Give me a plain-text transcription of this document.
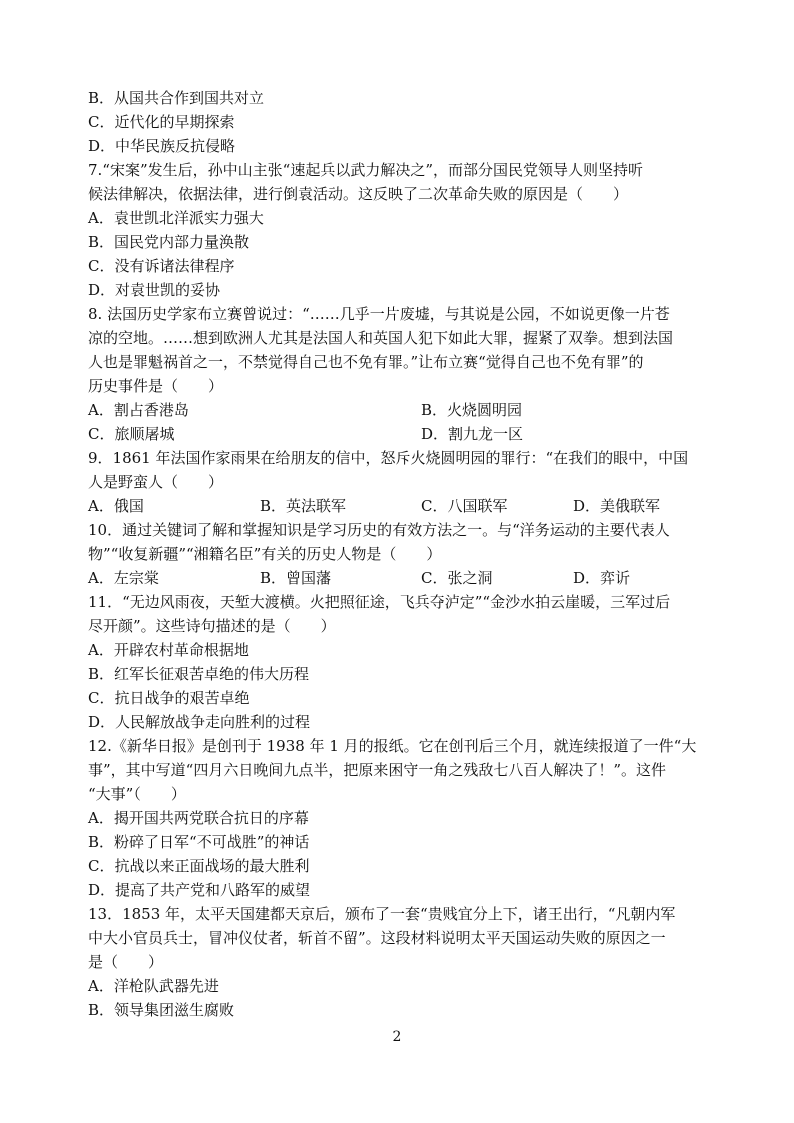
B．从国共合作到国共对立
C．近代化的早期探索
D．中华民族反抗侵略
7.“宋案”发生后，孙中山主张“速起兵以武力解决之”，而部分国民党领导人则坚持听
候法律解决，依据法律，进行倒袁活动。这反映了二次革命失败的原因是（　　）
A．袁世凯北洋派实力强大
B．国民党内部力量涣散
C．没有诉诸法律程序
D．对袁世凯的妥协
8. 法国历史学家布立赛曾说过：“……几乎一片废墟，与其说是公园，不如说更像一片苍
凉的空地。……想到欧洲人尤其是法国人和英国人犯下如此大罪，握紧了双拳。想到法国
人也是罪魁祸首之一，不禁觉得自己也不免有罪。”让布立赛“觉得自己也不免有罪”的
历史事件是（　　）
A．割占香港岛	B．火烧圆明园
C．旅顺屠城	D．割九龙一区
9．1861 年法国作家雨果在给朋友的信中，怒斥火烧圆明园的罪行：“在我们的眼中，中国
人是野蛮人（　　）
A．俄国	B．英法联军	C．八国联军	D．美俄联军
10．通过关键词了解和掌握知识是学习历史的有效方法之一。与“洋务运动的主要代表人
物”“收复新疆”“湘籍名臣”有关的历史人物是（　　）
A．左宗棠	B．曾国藩	C．张之洞	D．弈䜣
11．“无边风雨夜，天堑大渡横。火把照征途，飞兵夺泸定”“金沙水拍云崖暖，三军过后
尽开颜”。这些诗句描述的是（　　）
A．开辟农村革命根据地
B．红军长征艰苦卓绝的伟大历程
C．抗日战争的艰苦卓绝
D．人民解放战争走向胜利的过程
12.《新华日报》是创刊于 1938 年 1 月的报纸。它在创刊后三个月，就连续报道了一件“大
事”，其中写道“四月六日晚间九点半，把原来困守一角之残敌七八百人解决了！”。这件
“大事”（　　）
A．揭开国共两党联合抗日的序幕
B．粉碎了日军“不可战胜”的神话
C．抗战以来正面战场的最大胜利
D．提高了共产党和八路军的威望
13．1853 年，太平天国建都天京后，颁布了一套“贵贱宜分上下，诸王出行，“凡朝内军
中大小官员兵士，冒冲仪仗者，斩首不留”。这段材料说明太平天国运动失败的原因之一
是（　　）
A．洋枪队武器先进
B．领导集团滋生腐败
2
